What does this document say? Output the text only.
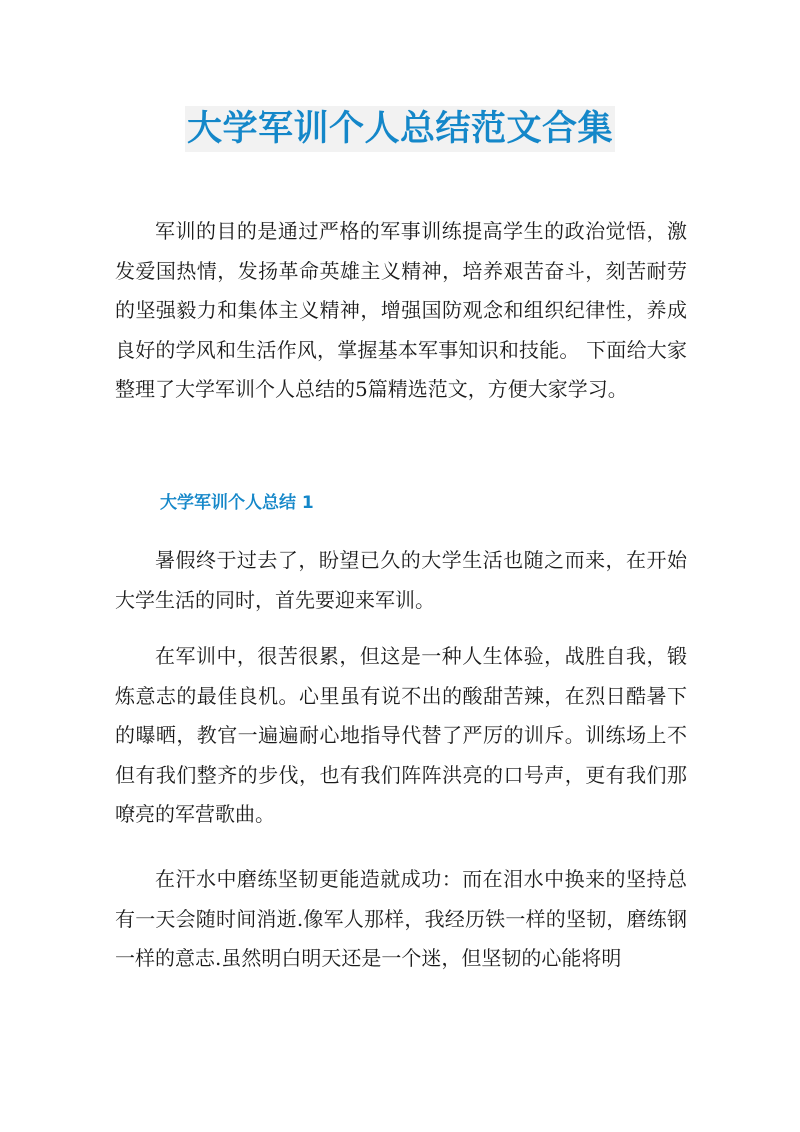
大学军训个人总结范文合集

军训的目的是通过严格的军事训练提高学生的政治觉悟，激发爱国热情，发扬革命英雄主义精神，培养艰苦奋斗，刻苦耐劳的坚强毅力和集体主义精神，增强国防观念和组织纪律性，养成良好的学风和生活作风，掌握基本军事知识和技能。 下面给大家整理了大学军训个人总结的5篇精选范文，方便大家学习。

大学军训个人总结 1

暑假终于过去了，盼望已久的大学生活也随之而来，在开始大学生活的同时，首先要迎来军训。

在军训中，很苦很累，但这是一种人生体验，战胜自我，锻炼意志的最佳良机。心里虽有说不出的酸甜苦辣，在烈日酷暑下的曝晒，教官一遍遍耐心地指导代替了严厉的训斥。训练场上不但有我们整齐的步伐，也有我们阵阵洪亮的口号声，更有我们那嘹亮的军营歌曲。

在汗水中磨练坚韧更能造就成功：而在泪水中换来的坚持总有一天会随时间消逝.像军人那样，我经历铁一样的坚韧，磨练钢一样的意志.虽然明白明天还是一个迷，但坚韧的心能将明
